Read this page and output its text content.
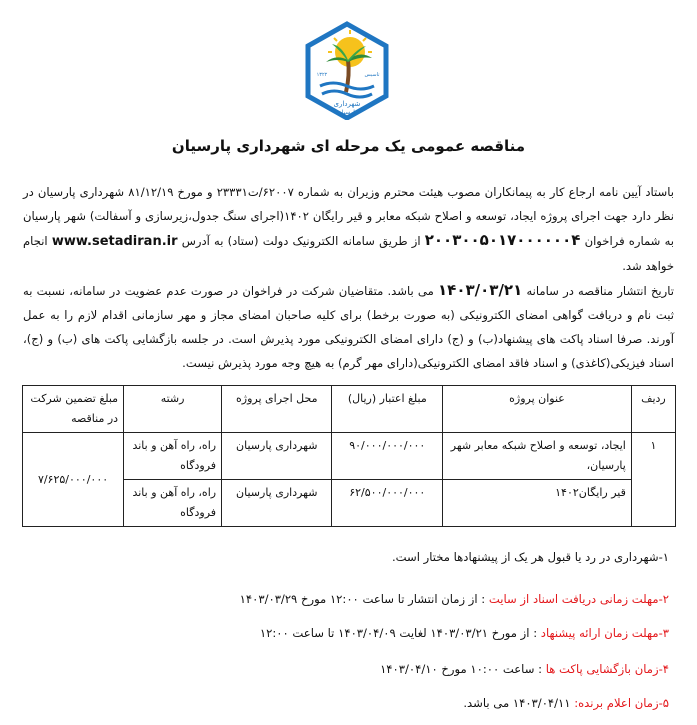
شهرداری
پارسیان
۱۳۲۲	تاسیس
مناقصه عمومی یک مرحله ای شهرداری پارسیان

باستاد آیین نامه ارجاع کار به پیمانکاران مصوب هیئت محترم وزیران به شماره ۶۲۰۰۷/ت۲۳۳۳۱ و مورخ ۸۱/۱۲/۱۹ شهرداری پارسیان در نظر دارد جهت اجرای پروژه ایجاد، توسعه و اصلاح شبکه معابر و قیر رایگان ۱۴۰۲(اجرای سنگ جدول،زیرسازی و آسفالت) شهر پارسیان به شماره فراخوان ۲۰۰۳۰۰۵۰۱۷۰۰۰۰۰۰۴ از طریق سامانه الکترونیک دولت (ستاد) به آدرس www.setadiran.ir انجام خواهد شد.

تاریخ انتشار مناقصه در سامانه ۱۴۰۳/۰۳/۲۱ می باشد. متقاضیان شرکت در فراخوان در صورت عدم عضویت در سامانه، نسبت به ثبت نام و دریافت گواهی امضای الکترونیکی (به صورت برخط) برای کلیه صاحبان امضای مجاز و مهر سازمانی اقدام لازم را به عمل آورند. صرفا اسناد پاکت های پیشنهاد(ب) و (ج) دارای امضای الکترونیکی مورد پذیرش است. در جلسه بازگشایی پاکت های (ب) و (ج)، اسناد فیزیکی(کاغذی) و اسناد فاقد امضای الکترونیکی(دارای مهر گرم) به هیچ وجه مورد پذیرش نیست.

ردیف	عنوان پروژه	مبلغ اعتبار (ریال)	محل اجرای پروژه	رشته	مبلغ تضمین شرکت در مناقصه
۱	ایجاد، توسعه و اصلاح شبکه معابر شهر پارسیان،	۹۰/۰۰۰/۰۰۰/۰۰۰	شهرداری پارسیان	راه، راه آهن و باند فرودگاه	۷/۶۲۵/۰۰۰/۰۰۰
	قیر رایگان۱۴۰۲	۶۲/۵۰۰/۰۰۰/۰۰۰	شهرداری پارسیان	راه، راه آهن و باند فرودگاه	
۱-شهرداری در رد یا قبول هر یک از پیشنهادها مختار است.
۲-مهلت زمانی دریافت اسناد از سایت : از زمان انتشار تا ساعت ۱۲:۰۰ مورخ ۱۴۰۳/۰۳/۲۹
۳-مهلت زمان ارائه پیشنهاد : از مورخ ۱۴۰۳/۰۳/۲۱ لغایت ۱۴۰۳/۰۴/۰۹ تا ساعت ۱۲:۰۰
۴-زمان بازگشایی پاکت ها : ساعت ۱۰:۰۰ مورخ ۱۴۰۳/۰۴/۱۰
۵-زمان اعلام برنده: ۱۴۰۳/۰۴/۱۱ می باشد.
